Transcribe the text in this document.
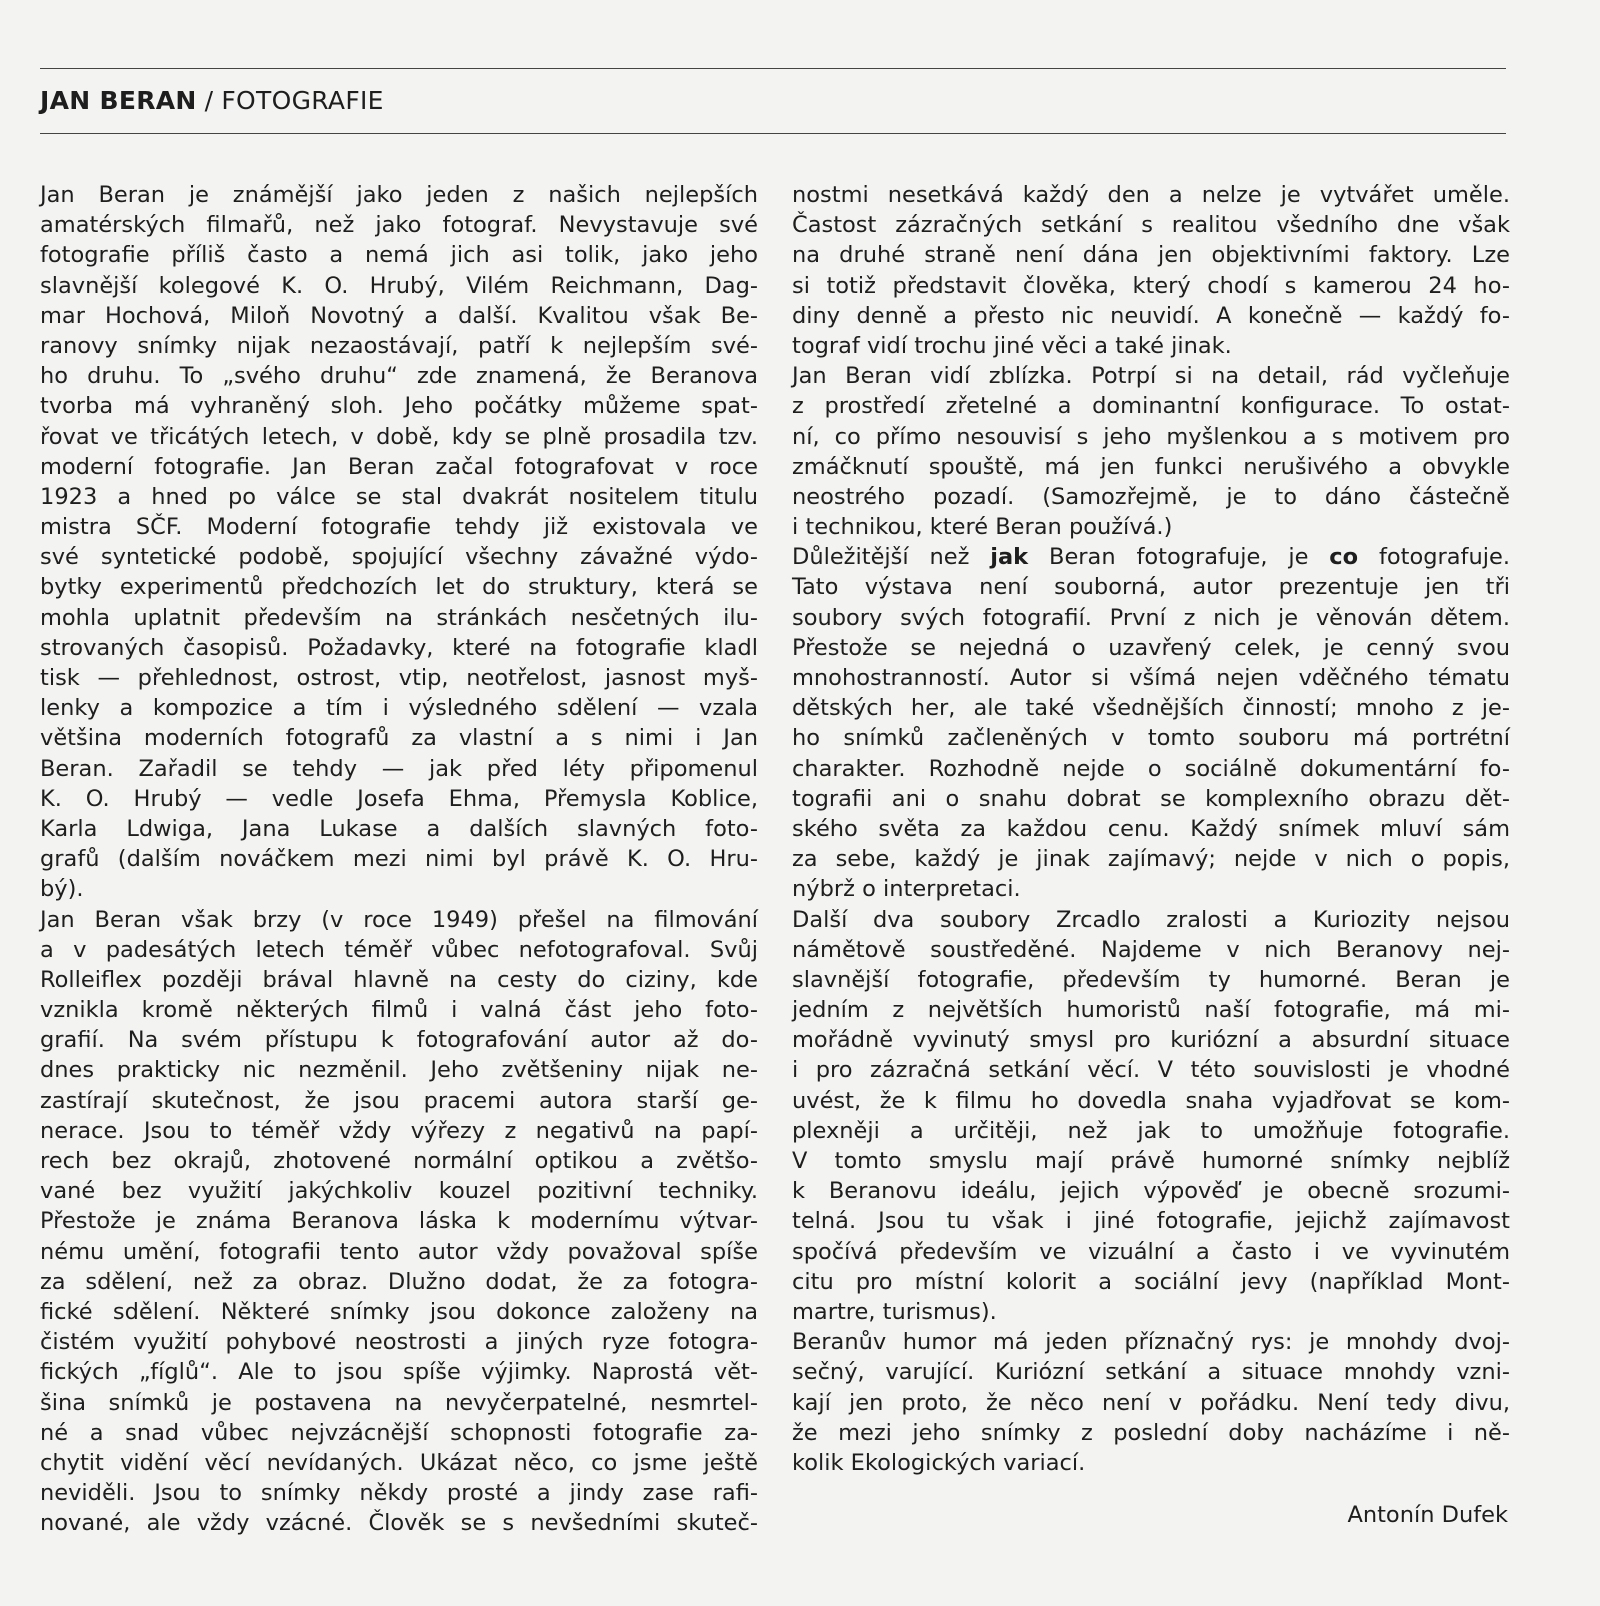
JAN BERAN / FOTOGRAFIE
Jan Beran je známější jako jeden z našich nejlepších
amatérských filmařů, než jako fotograf. Nevystavuje své
fotografie příliš často a nemá jich asi tolik, jako jeho
slavnější kolegové K. O. Hrubý, Vilém Reichmann, Dag-
mar Hochová, Miloň Novotný a další. Kvalitou však Be-
ranovy snímky nijak nezaostávají, patří k nejlepším své-
ho druhu. To „svého druhu“ zde znamená, že Beranova
tvorba má vyhraněný sloh. Jeho počátky můžeme spat-
řovat ve třicátých letech, v době, kdy se plně prosadila tzv.
moderní fotografie. Jan Beran začal fotografovat v roce
1923 a hned po válce se stal dvakrát nositelem titulu
mistra SČF. Moderní fotografie tehdy již existovala ve
své syntetické podobě, spojující všechny závažné výdo-
bytky experimentů předchozích let do struktury, která se
mohla uplatnit především na stránkách nesčetných ilu-
strovaných časopisů. Požadavky, které na fotografie kladl
tisk — přehlednost, ostrost, vtip, neotřelost, jasnost myš-
lenky a kompozice a tím i výsledného sdělení — vzala
většina moderních fotografů za vlastní a s nimi i Jan
Beran. Zařadil se tehdy — jak před léty připomenul
K. O. Hrubý — vedle Josefa Ehma, Přemysla Koblice,
Karla Ldwiga, Jana Lukase a dalších slavných foto-
grafů (dalším nováčkem mezi nimi byl právě K. O. Hru-
bý).
Jan Beran však brzy (v roce 1949) přešel na filmování
a v padesátých letech téměř vůbec nefotografoval. Svůj
Rolleiflex později brával hlavně na cesty do ciziny, kde
vznikla kromě některých filmů i valná část jeho foto-
grafií. Na svém přístupu k fotografování autor až do-
dnes prakticky nic nezměnil. Jeho zvětšeniny nijak ne-
zastírají skutečnost, že jsou pracemi autora starší ge-
nerace. Jsou to téměř vždy výřezy z negativů na papí-
rech bez okrajů, zhotovené normální optikou a zvětšo-
vané bez využití jakýchkoliv kouzel pozitivní techniky.
Přestože je známa Beranova láska k modernímu výtvar-
nému umění, fotografii tento autor vždy považoval spíše
za sdělení, než za obraz. Dlužno dodat, že za fotogra-
fické sdělení. Některé snímky jsou dokonce založeny na
čistém využití pohybové neostrosti a jiných ryze fotogra-
fických „fíglů“. Ale to jsou spíše výjimky. Naprostá vět-
šina snímků je postavena na nevyčerpatelné, nesmrtel-
né a snad vůbec nejvzácnější schopnosti fotografie za-
chytit vidění věcí nevídaných. Ukázat něco, co jsme ještě
neviděli. Jsou to snímky někdy prosté a jindy zase rafi-
nované, ale vždy vzácné. Člověk se s nevšedními skuteč-
nostmi nesetkává každý den a nelze je vytvářet uměle.
Častost zázračných setkání s realitou všedního dne však
na druhé straně není dána jen objektivními faktory. Lze
si totiž představit člověka, který chodí s kamerou 24 ho-
diny denně a přesto nic neuvidí. A konečně — každý fo-
tograf vidí trochu jiné věci a také jinak.
Jan Beran vidí zblízka. Potrpí si na detail, rád vyčleňuje
z prostředí zřetelné a dominantní konfigurace. To ostat-
ní, co přímo nesouvisí s jeho myšlenkou a s motivem pro
zmáčknutí spouště, má jen funkci nerušivého a obvykle
neostrého pozadí. (Samozřejmě, je to dáno částečně
i technikou, které Beran používá.)
Důležitější než jak Beran fotografuje, je co fotografuje.
Tato výstava není souborná, autor prezentuje jen tři
soubory svých fotografií. První z nich je věnován dětem.
Přestože se nejedná o uzavřený celek, je cenný svou
mnohostranností. Autor si všímá nejen vděčného tématu
dětských her, ale také všednějších činností; mnoho z je-
ho snímků začleněných v tomto souboru má portrétní
charakter. Rozhodně nejde o sociálně dokumentární fo-
tografii ani o snahu dobrat se komplexního obrazu dět-
ského světa za každou cenu. Každý snímek mluví sám
za sebe, každý je jinak zajímavý; nejde v nich o popis,
nýbrž o interpretaci.
Další dva soubory Zrcadlo zralosti a Kuriozity nejsou
námětově soustředěné. Najdeme v nich Beranovy nej-
slavnější fotografie, především ty humorné. Beran je
jedním z největších humoristů naší fotografie, má mi-
mořádně vyvinutý smysl pro kuriózní a absurdní situace
i pro zázračná setkání věcí. V této souvislosti je vhodné
uvést, že k filmu ho dovedla snaha vyjadřovat se kom-
plexněji a určitěji, než jak to umožňuje fotografie.
V tomto smyslu mají právě humorné snímky nejblíž
k Beranovu ideálu, jejich výpověď je obecně srozumi-
telná. Jsou tu však i jiné fotografie, jejichž zajímavost
spočívá především ve vizuální a často i ve vyvinutém
citu pro místní kolorit a sociální jevy (například Mont-
martre, turismus).
Beranův humor má jeden příznačný rys: je mnohdy dvoj-
sečný, varující. Kuriózní setkání a situace mnohdy vzni-
kají jen proto, že něco není v pořádku. Není tedy divu,
že mezi jeho snímky z poslední doby nacházíme i ně-
kolik Ekologických variací.
Antonín Dufek
